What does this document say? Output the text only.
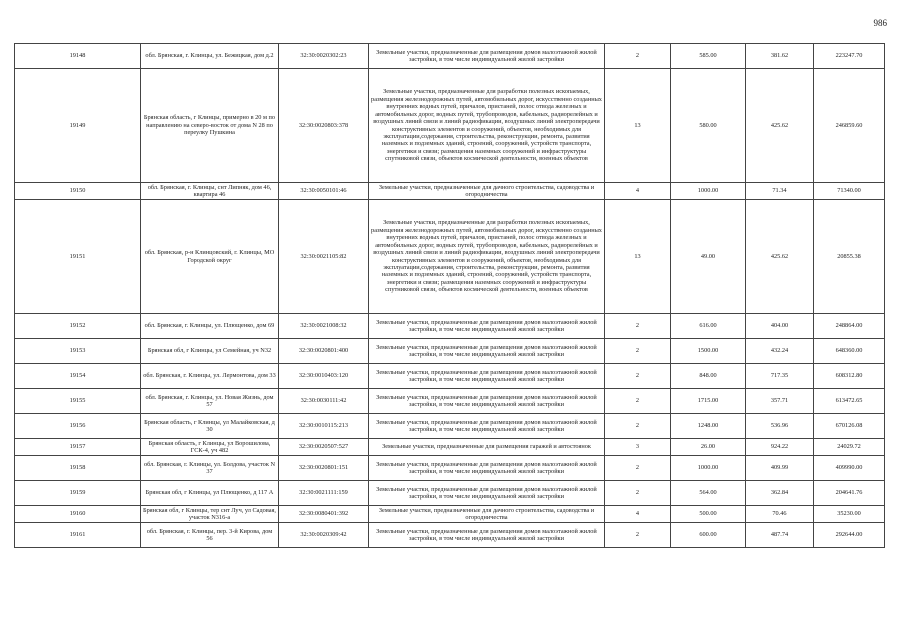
986
19148	обл. Брянская, г. Клинцы, ул. Бежицкая, дом д.2	32:30:0020302:23	Земельные участки, предназначенные для размещения домов малоэтажной жилой застройки, в том числе индивидуальной жилой застройки	2	585.00	381.62	223247.70
19149	Брянская область, г Клинцы, примерно в 20 м по направлению на северо-восток от дома N 28 по переулку Пушкина	32:30:0020803:378	Земельные участки, предназначенные для разработки полезных ископаемых, размещения железнодорожных путей, автомобильных дорог, искусственно созданных внутренних водных путей, причалов, пристаней, полос отвода железных и автомобильных дорог, водных путей, трубопроводов, кабельных, радиорелейных и воздушных линий связи и линий радиофикации, воздушных линий электропередачи конструктивных элементов и сооружений, объектов, необходимых для эксплуатации,содержания, строительства, реконструкции, ремонта, развития наземных и подземных зданий, строений, сооружений, устройств транспорта, энергетики и связи; размещения наземных сооружений и инфраструктуры спутниковой связи, объектов космической деятельности, военных объектов	13	580.00	425.62	246859.60
19150	обл. Брянская, г. Клинцы, снт Липняк, дом 46, квартира 46	32:30:0050101:46	Земельные участки, предназначенные для дачного строительства, садоводства и огородничества	4	1000.00	71.34	71340.00
19151	обл. Брянская, р-н Клинцовский, г. Клинцы, МО Городской округ	32:30:0021105:82	Земельные участки, предназначенные для разработки полезных ископаемых, размещения железнодорожных путей, автомобильных дорог, искусственно созданных внутренних водных путей, причалов, пристаней, полос отвода железных и автомобильных дорог, водных путей, трубопроводов, кабельных, радиорелейных и воздушных линий связи и линий радиофикации, воздушных линий электропередачи конструктивных элементов и сооружений, объектов, необходимых для эксплуатации,содержания, строительства, реконструкции, ремонта, развития наземных и подземных зданий, строений, сооружений, устройств транспорта, энергетики и связи; размещения наземных сооружений и инфраструктуры спутниковой связи, объектов космической деятельности, военных объектов	13	49.00	425.62	20855.38
19152	обл. Брянская, г. Клинцы, ул. Плющенко, дом 69	32:30:0021008:32	Земельные участки, предназначенные для размещения домов малоэтажной жилой застройки, в том числе индивидуальной жилой застройки	2	616.00	404.00	248864.00
19153	Брянская обл, г Клинцы, ул Семейная, уч N32	32:30:0020801:400	Земельные участки, предназначенные для размещения домов малоэтажной жилой застройки, в том числе индивидуальной жилой застройки	2	1500.00	432.24	648360.00
19154	обл. Брянская, г. Клинцы, ул. Лермонтова, дом 33	32:30:0010403:120	Земельные участки, предназначенные для размещения домов малоэтажной жилой застройки, в том числе индивидуальной жилой застройки	2	848.00	717.35	608312.80
19155	обл. Брянская, г. Клинцы, ул. Новая Жизнь, дом 57	32:30:0030111:42	Земельные участки, предназначенные для размещения домов малоэтажной жилой застройки, в том числе индивидуальной жилой застройки	2	1715.00	357.71	613472.65
19156	Брянская область, г Клинцы, ул Малайковская, д 30	32:30:0010115:213	Земельные участки, предназначенные для размещения домов малоэтажной жилой застройки, в том числе индивидуальной жилой застройки	2	1248.00	536.96	670126.08
19157	Брянская область, г Клинцы, ул Ворошилова, ГСК-4, уч 482	32:30:0020507:527	Земельные участки, предназначенные для размещения гаражей и автостоянок	3	26.00	924.22	24029.72
19158	обл. Брянская, г. Клинцы, ул. Болдова, участок N 37	32:30:0020801:151	Земельные участки, предназначенные для размещения домов малоэтажной жилой застройки, в том числе индивидуальной жилой застройки	2	1000.00	409.99	409990.00
19159	Брянская обл, г Клинцы, ул Плющенко, д 117 А	32:30:0021111:159	Земельные участки, предназначенные для размещения домов малоэтажной жилой застройки, в том числе индивидуальной жилой застройки	2	564.00	362.84	204641.76
19160	Брянская обл, г Клинцы, тер снт Луч, ул Садовая, участок N316-а	32:30:0080401:392	Земельные участки, предназначенные для дачного строительства, садоводства и огородничества	4	500.00	70.46	35230.00
19161	обл. Брянская, г. Клинцы, пер. 3-й Кирова, дом 56	32:30:0020309:42	Земельные участки, предназначенные для размещения домов малоэтажной жилой застройки, в том числе индивидуальной жилой застройки	2	600.00	487.74	292644.00
